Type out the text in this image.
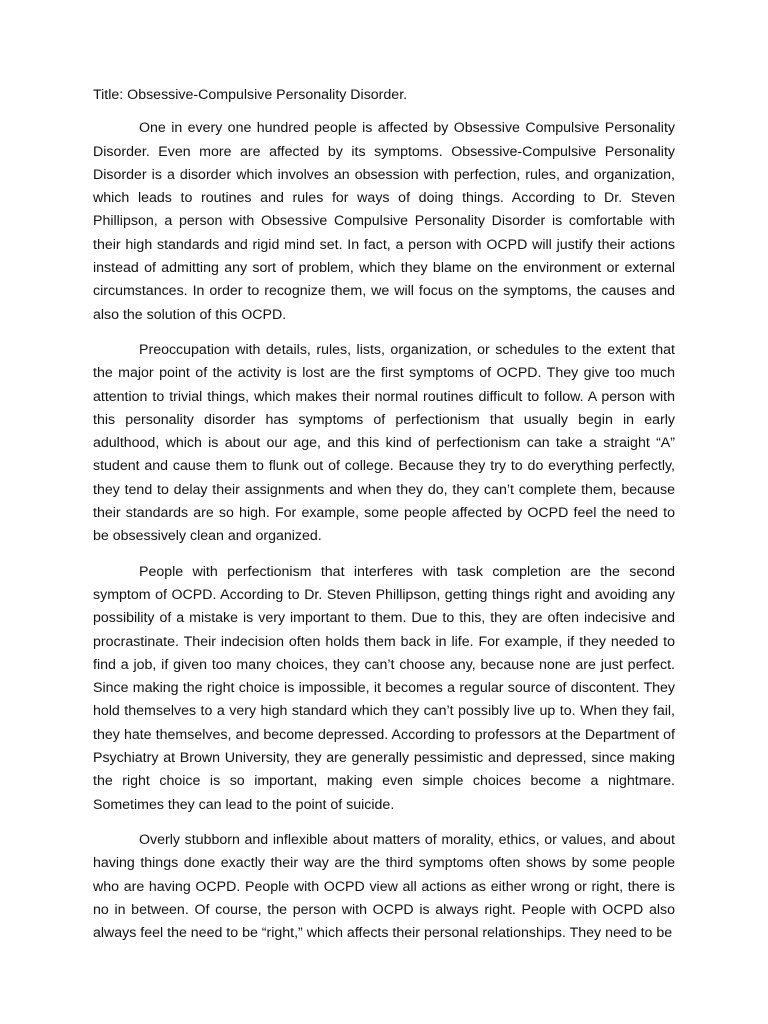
Title: Obsessive-Compulsive Personality Disorder.

One in every one hundred people is affected by Obsessive Compulsive Personality Disorder. Even more are affected by its symptoms. Obsessive-Compulsive Personality Disorder is a disorder which involves an obsession with perfection, rules, and organization, which leads to routines and rules for ways of doing things. According to Dr. Steven Phillipson, a person with Obsessive Compulsive Personality Disorder is comfortable with their high standards and rigid mind set. In fact, a person with OCPD will justify their actions instead of admitting any sort of problem, which they blame on the environment or external circumstances. In order to recognize them, we will focus on the symptoms, the causes and also the solution of this OCPD.

Preoccupation with details, rules, lists, organization, or schedules to the extent that the major point of the activity is lost are the first symptoms of OCPD. They give too much attention to trivial things, which makes their normal routines difficult to follow. A person with this personality disorder has symptoms of perfectionism that usually begin in early adulthood, which is about our age, and this kind of perfectionism can take a straight “A” student and cause them to flunk out of college. Because they try to do everything perfectly, they tend to delay their assignments and when they do, they can’t complete them, because their standards are so high. For example, some people affected by OCPD feel the need to be obsessively clean and organized.

People with perfectionism that interferes with task completion are the second symptom of OCPD. According to Dr. Steven Phillipson, getting things right and avoiding any possibility of a mistake is very important to them. Due to this, they are often indecisive and procrastinate. Their indecision often holds them back in life. For example, if they needed to find a job, if given too many choices, they can’t choose any, because none are just perfect. Since making the right choice is impossible, it becomes a regular source of discontent. They hold themselves to a very high standard which they can’t possibly live up to. When they fail, they hate themselves, and become depressed. According to professors at the Department of Psychiatry at Brown University, they are generally pessimistic and depressed, since making the right choice is so important, making even simple choices become a nightmare. Sometimes they can lead to the point of suicide.

Overly stubborn and inflexible about matters of morality, ethics, or values, and about having things done exactly their way are the third symptoms often shows by some people who are having OCPD. People with OCPD view all actions as either wrong or right, there is no in between. Of course, the person with OCPD is always right. People with OCPD also always feel the need to be “right,” which affects their personal relationships. They need to be
